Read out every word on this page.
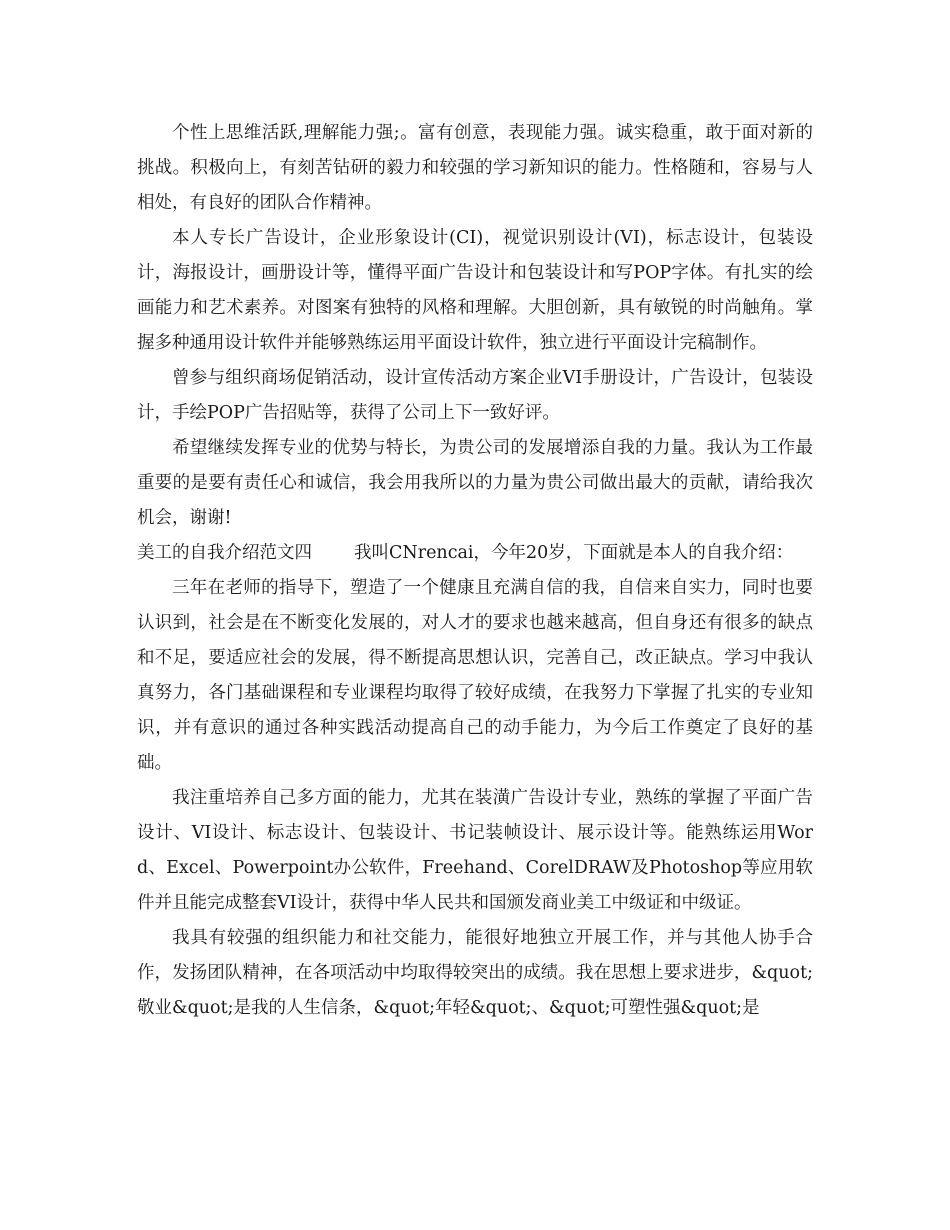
个性上思维活跃,理解能力强;。富有创意，表现能力强。诚实稳重，敢于面对新的挑战。积极向上，有刻苦钻研的毅力和较强的学习新知识的能力。性格随和，容易与人相处，有良好的团队合作精神。

本人专长广告设计，企业形象设计(CI)，视觉识别设计(VI)，标志设计，包装设计，海报设计，画册设计等，懂得平面广告设计和包装设计和写POP字体。有扎实的绘画能力和艺术素养。对图案有独特的风格和理解。大胆创新，具有敏锐的时尚触角。掌握多种通用设计软件并能够熟练运用平面设计软件，独立进行平面设计完稿制作。

曾参与组织商场促销活动，设计宣传活动方案企业VI手册设计，广告设计，包装设计，手绘POP广告招贴等，获得了公司上下一致好评。

希望继续发挥专业的优势与特长，为贵公司的发展增添自我的力量。我认为工作最重要的是要有责任心和诚信，我会用我所以的力量为贵公司做出最大的贡献，请给我次机会，谢谢!

美工的自我介绍范文四 我叫CNrencai，今年20岁，下面就是本人的自我介绍：

三年在老师的指导下，塑造了一个健康且充满自信的我，自信来自实力，同时也要认识到，社会是在不断变化发展的，对人才的要求也越来越高，但自身还有很多的缺点和不足，要适应社会的发展，得不断提高思想认识，完善自己，改正缺点。学习中我认真努力，各门基础课程和专业课程均取得了较好成绩，在我努力下掌握了扎实的专业知识，并有意识的通过各种实践活动提高自己的动手能力，为今后工作奠定了良好的基础。

我注重培养自己多方面的能力，尤其在装潢广告设计专业，熟练的掌握了平面广告设计、VI设计、标志设计、包装设计、书记装帧设计、展示设计等。能熟练运用Word、Excel、Powerpoint办公软件，Freehand、CorelDRAW及Photoshop等应用软件并且能完成整套VI设计，获得中华人民共和国颁发商业美工中级证和中级证。

我具有较强的组织能力和社交能力，能很好地独立开展工作，并与其他人协手合作，发扬团队精神，在各项活动中均取得较突出的成绩。我在思想上要求进步，&quot;敬业&quot;是我的人生信条，&quot;年轻&quot;、&quot;可塑性强&quot;是
